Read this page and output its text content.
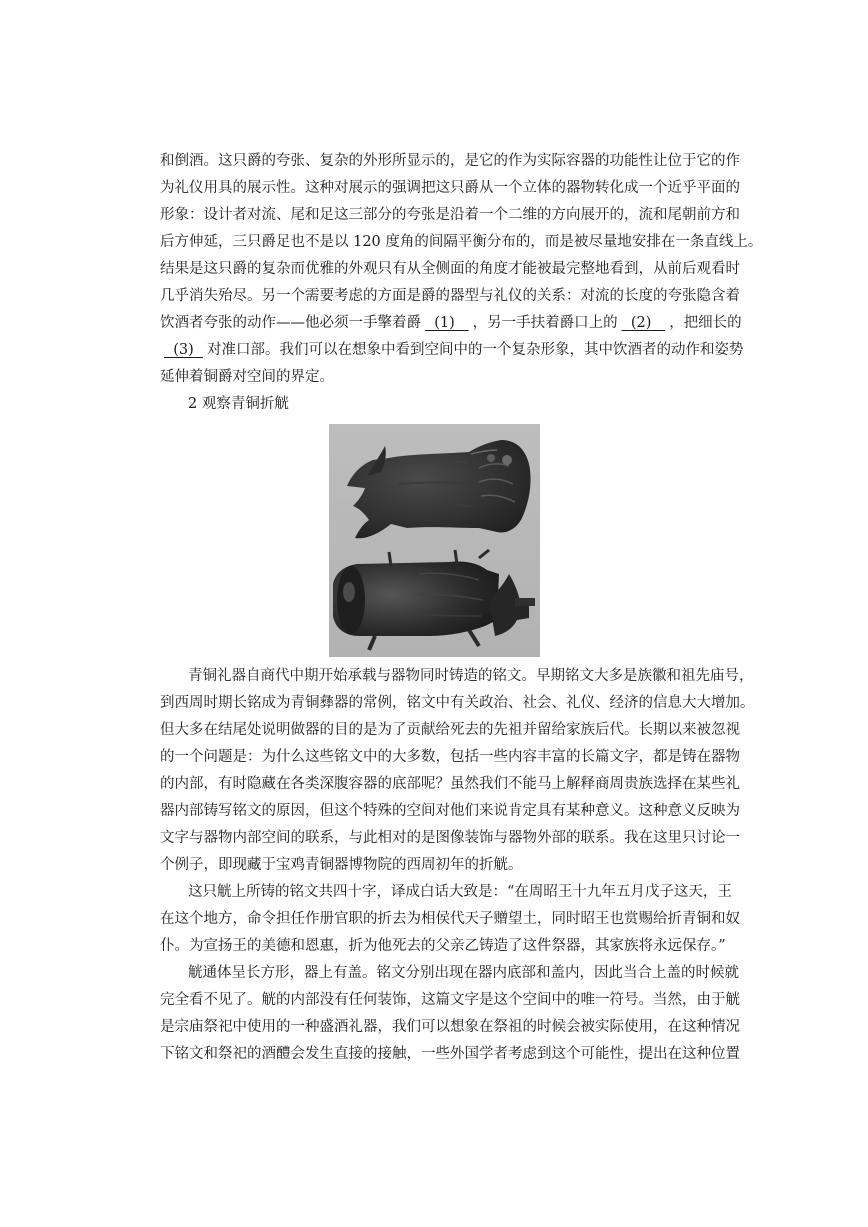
和倒酒。这只爵的夸张、复杂的外形所显示的，是它的作为实际容器的功能性让位于它的作
为礼仪用具的展示性。这种对展示的强调把这只爵从一个立体的器物转化成一个近乎平面的
形象：设计者对流、尾和足这三部分的夸张是沿着一个二维的方向展开的，流和尾朝前方和
后方伸延，三只爵足也不是以 120 度角的间隔平衡分布的，而是被尽量地安排在一条直线上。
结果是这只爵的复杂而优雅的外观只有从全侧面的角度才能被最完整地看到，从前后观看时
几乎消失殆尽。另一个需要考虑的方面是爵的器型与礼仪的关系：对流的长度的夸张隐含着
饮酒者夸张的动作——他必须一手擎着爵 (1) ，另一手扶着爵口上的 (2) ，把细长的
(3) 对准口部。我们可以在想象中看到空间中的一个复杂形象，其中饮酒者的动作和姿势
延伸着铜爵对空间的界定。
2 观察青铜折觥
青铜礼器自商代中期开始承载与器物同时铸造的铭文。早期铭文大多是族徽和祖先庙号，
到西周时期长铭成为青铜彝器的常例，铭文中有关政治、社会、礼仪、经济的信息大大增加。
但大多在结尾处说明做器的目的是为了贡献给死去的先祖并留给家族后代。长期以来被忽视
的一个问题是：为什么这些铭文中的大多数，包括一些内容丰富的长篇文字，都是铸在器物
的内部，有时隐藏在各类深腹容器的底部呢？虽然我们不能马上解释商周贵族选择在某些礼
器内部铸写铭文的原因，但这个特殊的空间对他们来说肯定具有某种意义。这种意义反映为
文字与器物内部空间的联系，与此相对的是图像装饰与器物外部的联系。我在这里只讨论一
个例子，即现藏于宝鸡青铜器博物院的西周初年的折觥。
这只觥上所铸的铭文共四十字，译成白话大致是：“在周昭王十九年五月戊子这天，王
在这个地方，命令担任作册官职的折去为相侯代天子赠望土，同时昭王也赏赐给折青铜和奴
仆。为宣扬王的美德和恩惠，折为他死去的父亲乙铸造了这件祭器，其家族将永远保存。”
觥通体呈长方形，器上有盖。铭文分别出现在器内底部和盖内，因此当合上盖的时候就
完全看不见了。觥的内部没有任何装饰，这篇文字是这个空间中的唯一符号。当然，由于觥
是宗庙祭祀中使用的一种盛酒礼器，我们可以想象在祭祖的时候会被实际使用，在这种情况
下铭文和祭祀的酒醴会发生直接的接触，一些外国学者考虑到这个可能性，提出在这种位置
